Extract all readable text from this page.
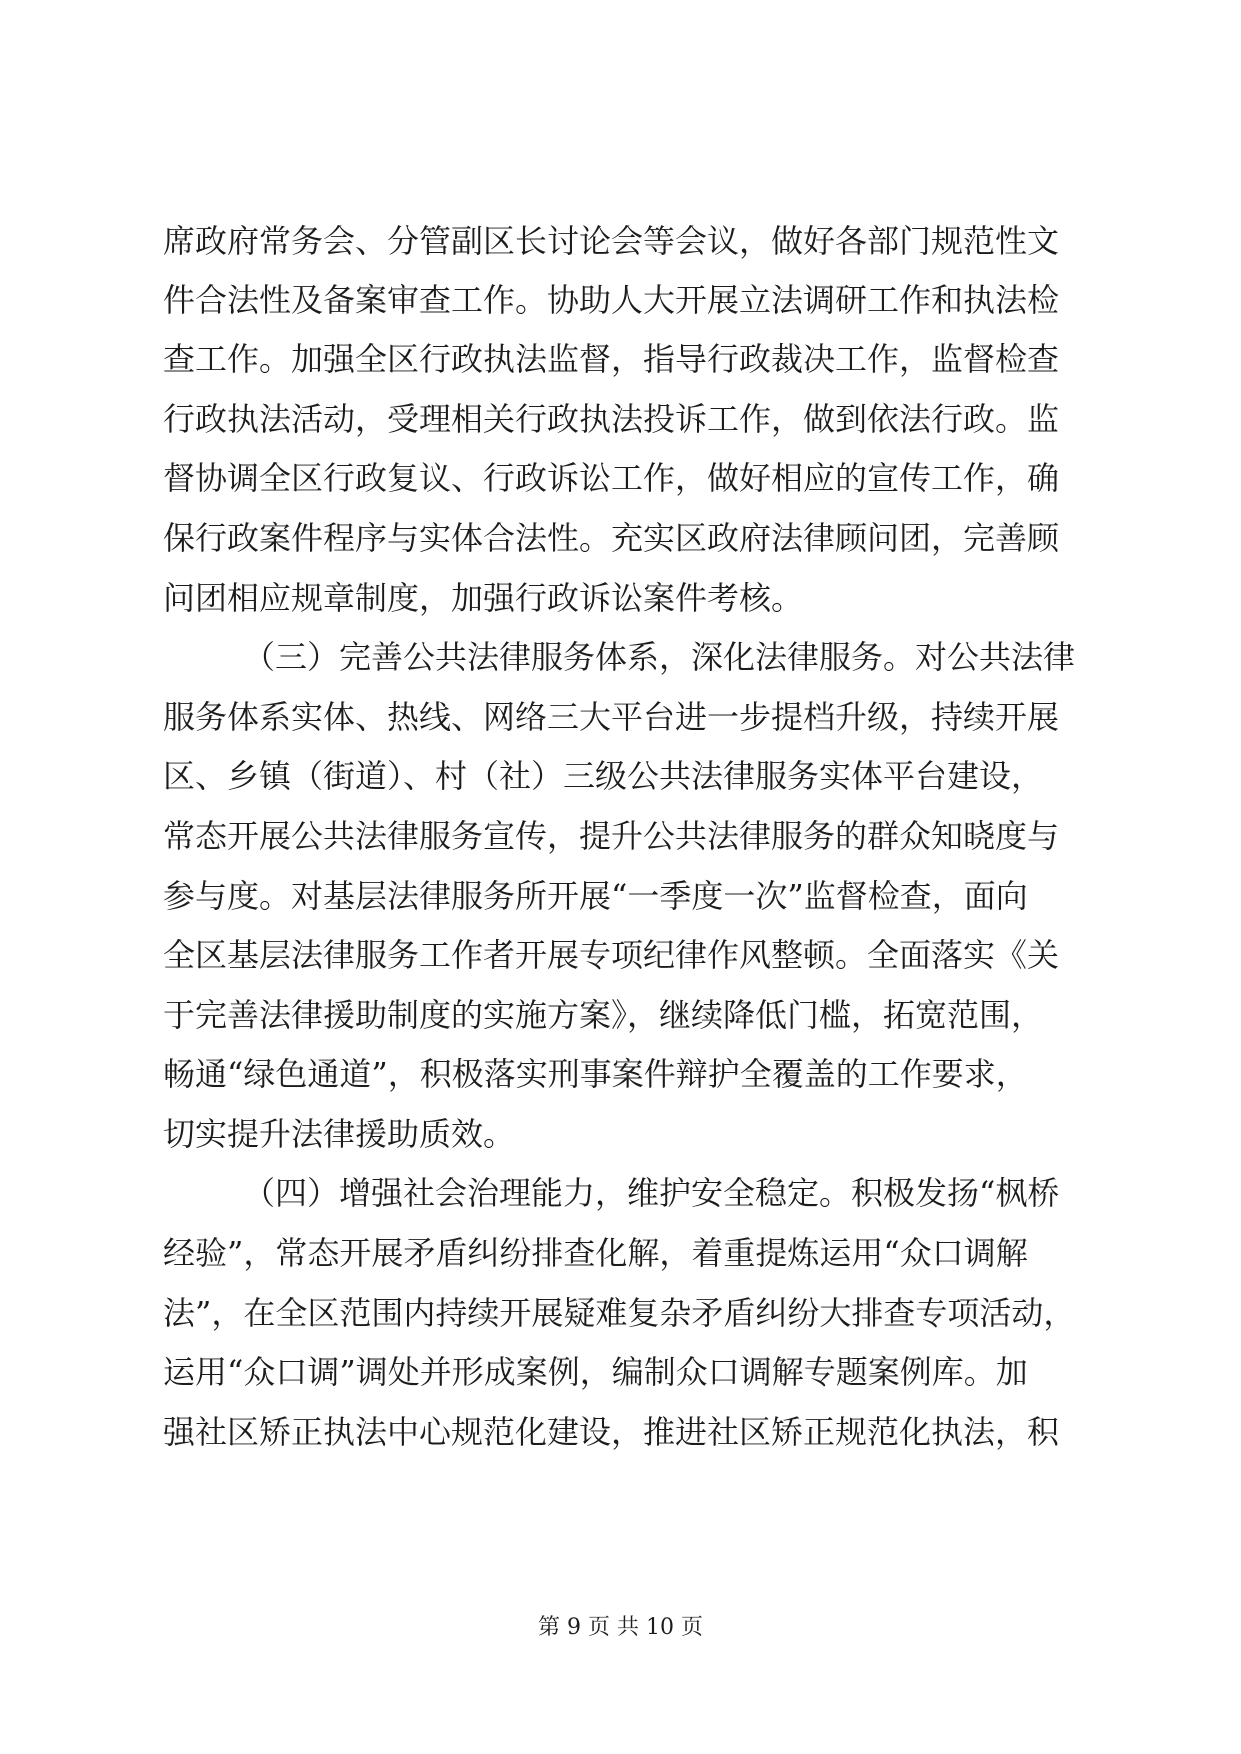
席政府常务会、分管副区长讨论会等会议，做好各部门规范性文
件合法性及备案审查工作。协助人大开展立法调研工作和执法检
查工作。加强全区行政执法监督，指导行政裁决工作，监督检查
行政执法活动，受理相关行政执法投诉工作，做到依法行政。监
督协调全区行政复议、行政诉讼工作，做好相应的宣传工作，确
保行政案件程序与实体合法性。充实区政府法律顾问团，完善顾
问团相应规章制度，加强行政诉讼案件考核。
（三）完善公共法律服务体系，深化法律服务。对公共法律
服务体系实体、热线、网络三大平台进一步提档升级，持续开展
区、乡镇（街道）、村（社）三级公共法律服务实体平台建设，
常态开展公共法律服务宣传，提升公共法律服务的群众知晓度与
参与度。对基层法律服务所开展“一季度一次”监督检查，面向
全区基层法律服务工作者开展专项纪律作风整顿。全面落实《关
于完善法律援助制度的实施方案》，继续降低门槛，拓宽范围，
畅通“绿色通道”，积极落实刑事案件辩护全覆盖的工作要求，
切实提升法律援助质效。
（四）增强社会治理能力，维护安全稳定。积极发扬“枫桥
经验”，常态开展矛盾纠纷排查化解，着重提炼运用“众口调解
法”，在全区范围内持续开展疑难复杂矛盾纠纷大排查专项活动，
运用“众口调”调处并形成案例，编制众口调解专题案例库。加
强社区矫正执法中心规范化建设，推进社区矫正规范化执法，积
第 9 页 共 10 页
